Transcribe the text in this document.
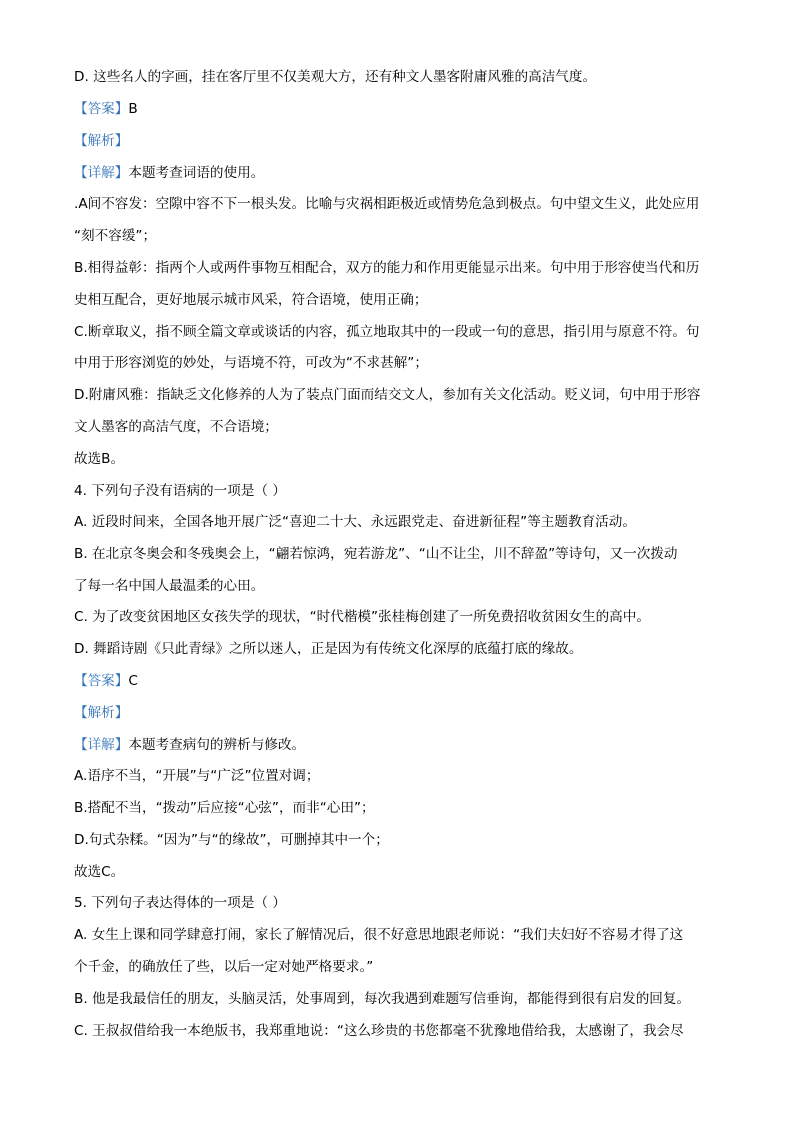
D. 这些名人的字画，挂在客厅里不仅美观大方，还有种文人墨客附庸风雅的高洁气度。
【答案】B
【解析】
【详解】本题考查词语的使用。
.A间不容发：空隙中容不下一根头发。比喻与灾祸相距极近或情势危急到极点。句中望文生义，此处应用
“刻不容缓”；
B.相得益彰：指两个人或两件事物互相配合，双方的能力和作用更能显示出来。句中用于形容使当代和历
史相互配合，更好地展示城市风采，符合语境，使用正确；
C.断章取义，指不顾全篇文章或谈话的内容，孤立地取其中的一段或一句的意思，指引用与原意不符。句
中用于形容浏览的妙处，与语境不符，可改为“不求甚解”；
D.附庸风雅：指缺乏文化修养的人为了装点门面而结交文人，参加有关文化活动。贬义词，句中用于形容
文人墨客的高洁气度，不合语境；
故选B。
4. 下列句子没有语病的一项是（ ）
A. 近段时间来，全国各地开展广泛“喜迎二十大、永远跟党走、奋进新征程”等主题教育活动。
B. 在北京冬奥会和冬残奥会上，“翩若惊鸿，宛若游龙”、“山不让尘，川不辞盈”等诗句，又一次拨动
了每一名中国人最温柔的心田。
C. 为了改变贫困地区女孩失学的现状，“时代楷模”张桂梅创建了一所免费招收贫困女生的高中。
D. 舞蹈诗剧《只此青绿》之所以迷人，正是因为有传统文化深厚的底蕴打底的缘故。
【答案】C
【解析】
【详解】本题考查病句的辨析与修改。
A.语序不当，“开展”与“广泛”位置对调；
B.搭配不当，“拨动”后应接“心弦”，而非“心田”；
D.句式杂糅。“因为”与“的缘故”，可删掉其中一个；
故选C。
5. 下列句子表达得体的一项是（ ）
A. 女生上课和同学肆意打闹，家长了解情况后，很不好意思地跟老师说：“我们夫妇好不容易才得了这
个千金，的确放任了些，以后一定对她严格要求。”
B. 他是我最信任的朋友，头脑灵活，处事周到，每次我遇到难题写信垂询，都能得到很有启发的回复。
C. 王叔叔借给我一本绝版书，我郑重地说：“这么珍贵的书您都毫不犹豫地借给我，太感谢了，我会尽
